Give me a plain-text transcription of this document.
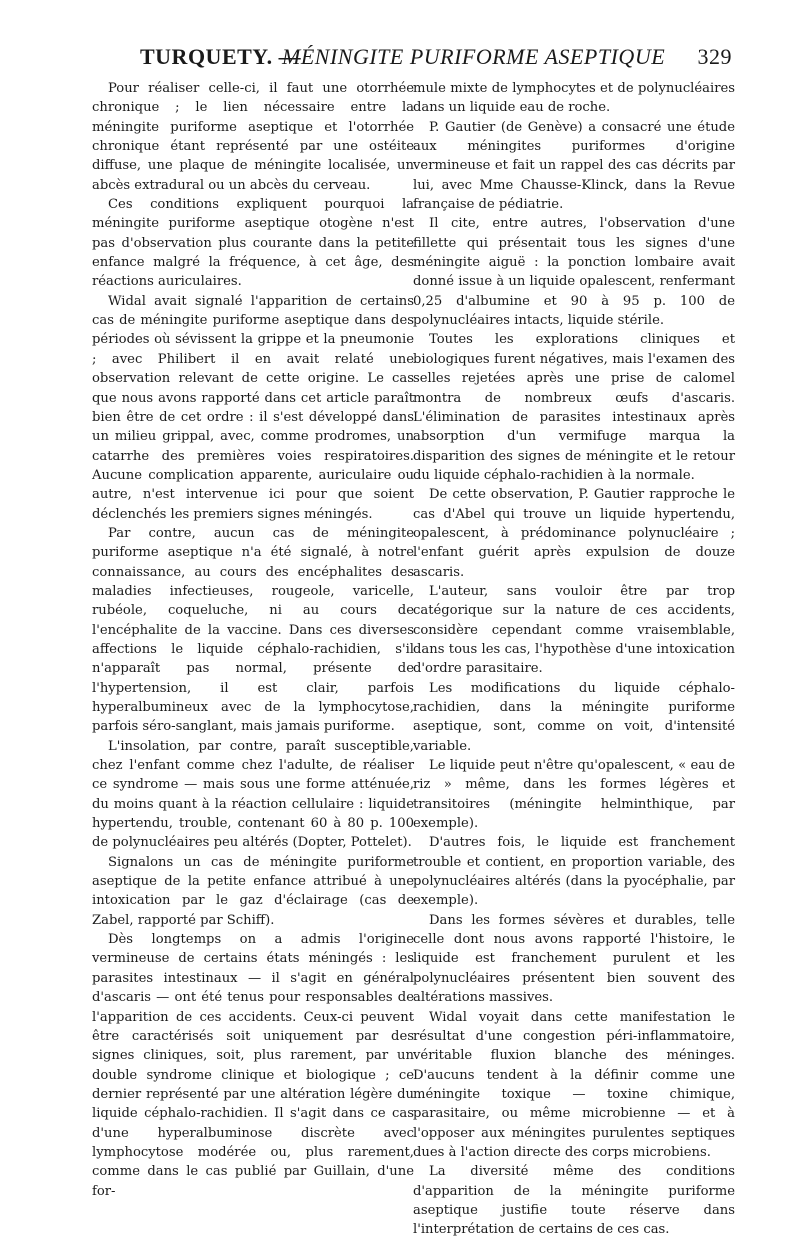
TURQUETY. —
MÉNINGITE PURIFORME ASEPTIQUE 329

Pour réaliser celle-ci, il faut une otorrhée chronique ; le lien nécessaire entre la méningite puriforme aseptique et l'otorrhée chronique étant représenté par une ostéite diffuse, une plaque de méningite localisée, un abcès extradural ou un abcès du cerveau.

Ces conditions expliquent pourquoi la méningite puriforme aseptique otogène n'est pas d'observation plus courante dans la petite enfance malgré la fréquence, à cet âge, des réactions auriculaires.

Widal avait signalé l'apparition de certains cas de méningite puriforme aseptique dans des périodes où sévissent la grippe et la pneumonie ; avec Philibert il en avait relaté une observation relevant de cette origine. Le cas que nous avons rapporté dans cet article paraît bien être de cet ordre : il s'est développé dans un milieu grippal, avec, comme prodromes, un catarrhe des premières voies respiratoires. Aucune complication apparente, auriculaire ou autre, n'est intervenue ici pour que soient déclenchés les premiers signes méningés.

Par contre, aucun cas de méningite puriforme aseptique n'a été signalé, à notre connaissance, au cours des encéphalites des maladies infectieuses, rougeole, varicelle, rubéole, coqueluche, ni au cours de l'encéphalite de la vaccine. Dans ces diverses affections le liquide céphalo-rachidien, s'il n'apparaît pas normal, présente de l'hypertension, il est clair, parfois hyperalbumineux avec de la lymphocytose, parfois séro-sanglant, mais jamais puriforme.

L'insolation, par contre, paraît susceptible, chez l'enfant comme chez l'adulte, de réaliser ce syndrome — mais sous une forme atténuée, du moins quant à la réaction cellulaire : liquide hypertendu, trouble, contenant 60 à 80 p. 100 de polynucléaires peu altérés (Dopter, Pottelet).

Signalons un cas de méningite puriforme aseptique de la petite enfance attribué à une intoxication par le gaz d'éclairage (cas de Zabel, rapporté par Schiff).

Dès longtemps on a admis l'origine vermineuse de certains états méningés : les parasites intestinaux — il s'agit en général d'ascaris — ont été tenus pour responsables de l'apparition de ces accidents. Ceux-ci peuvent être caractérisés soit uniquement par des signes cliniques, soit, plus rarement, par un double syndrome clinique et biologique ; ce dernier représenté par une altération légère du liquide céphalo-rachidien. Il s'agit dans ce cas d'une hyperalbuminose discrète avec lymphocytose modérée ou, plus rarement, comme dans le cas publié par Guillain, d'une for-

mule mixte de lymphocytes et de polynucléaires dans un liquide eau de roche.

P. Gautier (de Genève) a consacré une étude aux méningites puriformes d'origine vermineuse et fait un rappel des cas décrits par lui, avec Mme Chausse-Klinck, dans la Revue française de pédiatrie.

Il cite, entre autres, l'observation d'une fillette qui présentait tous les signes d'une méningite aiguë : la ponction lombaire avait donné issue à un liquide opalescent, renfermant 0,25 d'albumine et 90 à 95 p. 100 de polynucléaires intacts, liquide stérile.

Toutes les explorations cliniques et biologiques furent négatives, mais l'examen des selles rejetées après une prise de calomel montra de nombreux œufs d'ascaris. L'élimination de parasites intestinaux après absorption d'un vermifuge marqua la disparition des signes de méningite et le retour du liquide céphalo-rachidien à la normale.

De cette observation, P. Gautier rapproche le cas d'Abel qui trouve un liquide hypertendu, opalescent, à prédominance polynucléaire ; l'enfant guérit après expulsion de douze ascaris.

L'auteur, sans vouloir être par trop catégorique sur la nature de ces accidents, considère cependant comme vraisemblable, dans tous les cas, l'hypothèse d'une intoxication d'ordre parasitaire.

Les modifications du liquide céphalo-rachidien, dans la méningite puriforme aseptique, sont, comme on voit, d'intensité variable.

Le liquide peut n'être qu'opalescent, « eau de riz » même, dans les formes légères et transitoires (méningite helminthique, par exemple).

D'autres fois, le liquide est franchement trouble et contient, en proportion variable, des polynucléaires altérés (dans la pyocéphalie, par exemple).

Dans les formes sévères et durables, telle celle dont nous avons rapporté l'histoire, le liquide est franchement purulent et les polynucléaires présentent bien souvent des altérations massives.

Widal voyait dans cette manifestation le résultat d'une congestion péri-inflammatoire, véritable fluxion blanche des méninges. D'aucuns tendent à la définir comme une méningite toxique — toxine chimique, parasitaire, ou même microbienne — et à l'opposer aux méningites purulentes septiques dues à l'action directe des corps microbiens.

La diversité même des conditions d'apparition de la méningite puriforme aseptique justifie toute réserve dans l'interprétation de certains de ces cas.
